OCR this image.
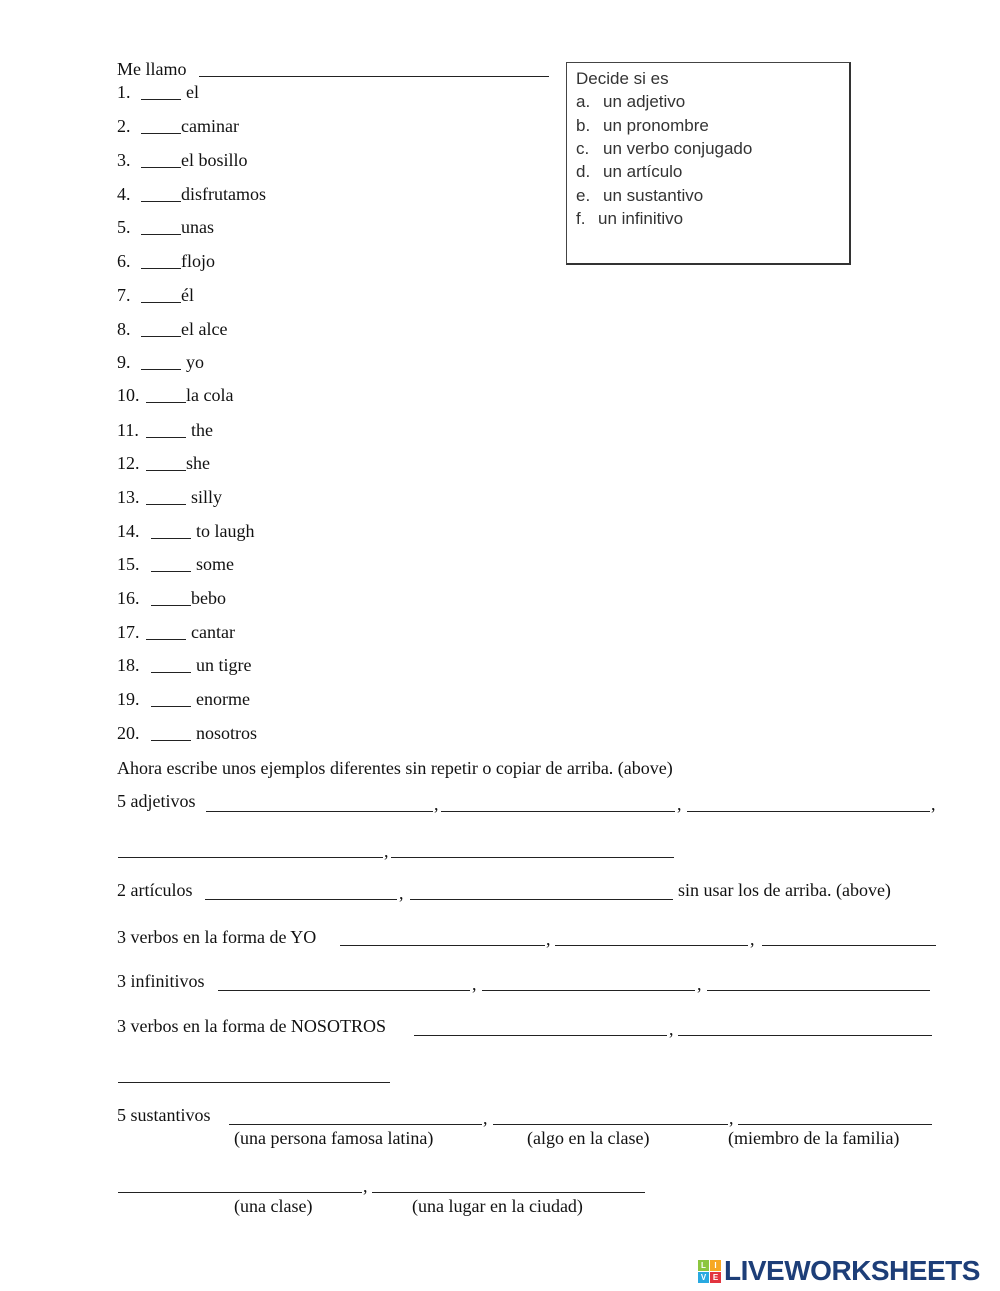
Me llamo
1.	el
2.	caminar
3.	el bosillo
4.	disfrutamos
5.	unas
6.	flojo
7.	él
8.	el alce
9.	yo
10.	la cola
11.	the
12.	she
13.	silly
14.	to laugh
15.	some
16.	bebo
17.	cantar
18.	un tigre
19.	enorme
20.	nosotros
Decide si es
a. un adjetivo
b. un pronombre
c. un verbo conjugado
d. un artículo
e. un sustantivo
f. un infinitivo
Ahora escribe unos ejemplos diferentes sin repetir o copiar de arriba. (above)
5 adjetivos	,	,	,
,
2 artículos	,	sin usar los de arriba. (above)
3 verbos en la forma de YO	,	,
3 infinitivos	,	,
3 verbos en la forma de NOSOTROS	,
5 sustantivos	,	,
(una persona famosa latina)	(algo en la clase)	(miembro de la familia)
,
(una clase)	(una lugar en la ciudad)
L	I
V E LIVEWORKSHEETS
